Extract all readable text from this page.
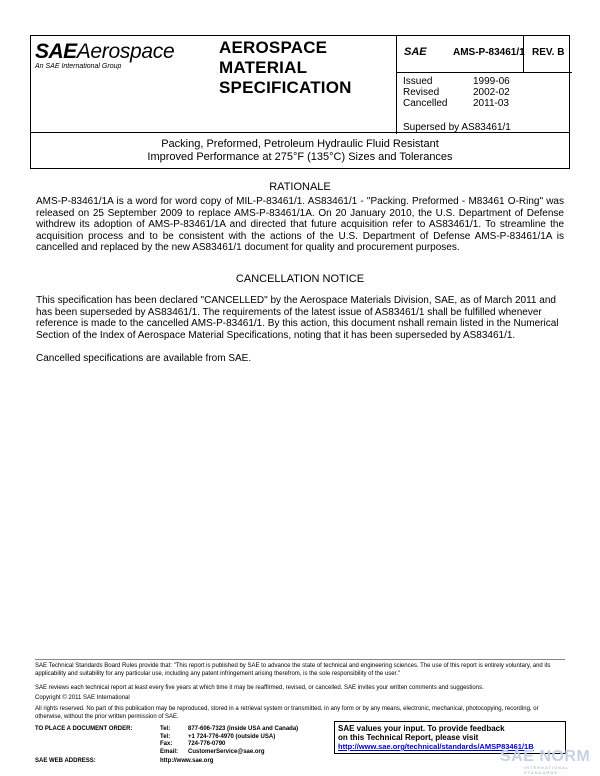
SAEAerospace
An SAE International Group
AEROSPACE
MATERIAL
SPECIFICATION
SAE	AMS-P-83461/1 REV. B
Issued	1999-06
Revised	2002-02
Cancelled	2011-03
Supersed by AS83461/1
Packing, Preformed, Petroleum Hydraulic Fluid Resistant
Improved Performance at 275°F (135°C) Sizes and Tolerances
RATIONALE
AMS-P-83461/1A is a word for word copy of MIL-P-83461/1. AS83461/1 - "Packing. Preformed - M83461 O-Ring" was released on 25 September 2009 to replace AMS-P-83461/1A. On 20 January 2010, the U.S. Department of Defense withdrew its adoption of AMS-P-83461/1A and directed that future acquisition refer to AS83461/1. To streamline the acquisition process and to be consistent with the actions of the U.S. Department of Defense AMS-P-83461/1A is cancelled and replaced by the new AS83461/1 document for quality and procurement purposes.
CANCELLATION NOTICE
This specification has been declared "CANCELLED" by the Aerospace Materials Division, SAE, as of March 2011 and has been superseded by AS83461/1. The requirements of the latest issue of AS83461/1 shall be fulfilled whenever reference is made to the cancelled AMS-P-83461/1. By this action, this document nshall remain listed in the Numerical Section of the Index of Aerospace Material Specifications, noting that it has been superseded by AS83461/1.
Cancelled specifications are available from SAE.
SAE Technical Standards Board Rules provide that: "This report is published by SAE to advance the state of technical and engineering sciences. The use of this report is entirely voluntary, and its applicability and suitability for any particular use, including any patent infringement arising therefrom, is the sole responsibility of the user."
SAE reviews each technical report at least every five years at which time it may be reaffirmed, revised, or cancelled. SAE invites your written comments and suggestions.
Copyright © 2011 SAE International
All rights reserved. No part of this publication may be reproduced, stored in a retrieval system or transmitted, in any form or by any means, electronic, mechanical, photocopying, recording, or otherwise, without the prior written permission of SAE.
TO PLACE A DOCUMENT ORDER:	Tel:	877-606-7323 (inside USA and Canada)
Tel:	+1 724-776-4970 (outside USA)
Fax:	724-776-0790
Email:	CustomerService@sae.org
SAE WEB ADDRESS:	http://www.sae.org
SAE values your input. To provide feedback
on this Technical Report, please visit
http://www.sae.org/technical/standards/AMSP83461/1B
SAE NORM
INTERNATIONAL STANDARDS
